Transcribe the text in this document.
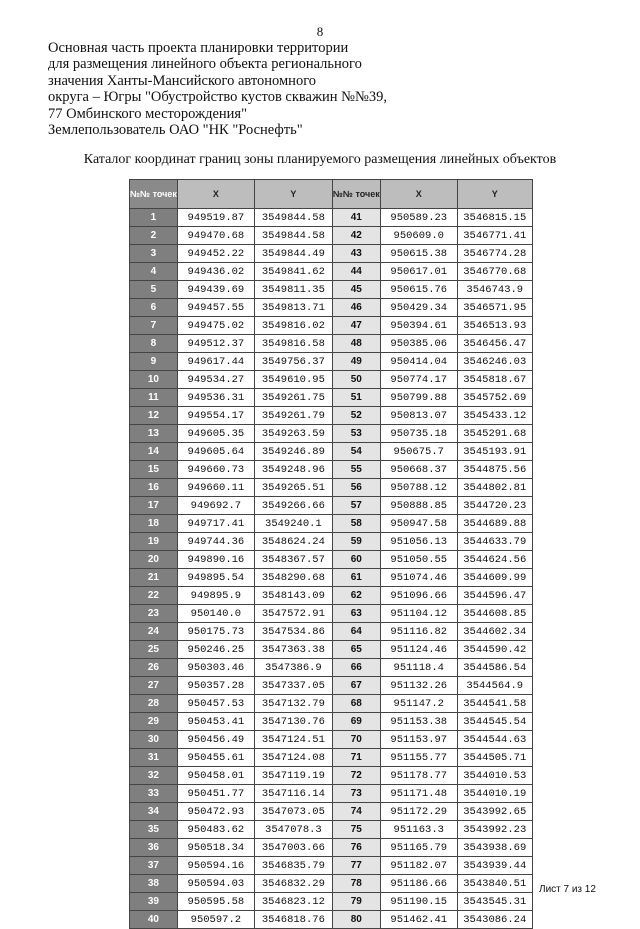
8
Основная часть проекта планировки территории
для размещения линейного объекта регионального
значения Ханты-Мансийского автономного
округа – Югры "Обустройство кустов скважин №№39,
77 Омбинского месторождения"
Землепользователь ОАО "НК "Роснефть"
Каталог координат границ зоны планируемого размещения линейных объектов
№№ точек	X	Y	№№ точек	X	Y
1	949519.87	3549844.58	41	950589.23	3546815.15
2	949470.68	3549844.58	42	950609.0	3546771.41
3	949452.22	3549844.49	43	950615.38	3546774.28
4	949436.02	3549841.62	44	950617.01	3546770.68
5	949439.69	3549811.35	45	950615.76	3546743.9
6	949457.55	3549813.71	46	950429.34	3546571.95
7	949475.02	3549816.02	47	950394.61	3546513.93
8	949512.37	3549816.58	48	950385.06	3546456.47
9	949617.44	3549756.37	49	950414.04	3546246.03
10	949534.27	3549610.95	50	950774.17	3545818.67
11	949536.31	3549261.75	51	950799.88	3545752.69
12	949554.17	3549261.79	52	950813.07	3545433.12
13	949605.35	3549263.59	53	950735.18	3545291.68
14	949605.64	3549246.89	54	950675.7	3545193.91
15	949660.73	3549248.96	55	950668.37	3544875.56
16	949660.11	3549265.51	56	950788.12	3544802.81
17	949692.7	3549266.66	57	950888.85	3544720.23
18	949717.41	3549240.1	58	950947.58	3544689.88
19	949744.36	3548624.24	59	951056.13	3544633.79
20	949890.16	3548367.57	60	951050.55	3544624.56
21	949895.54	3548290.68	61	951074.46	3544609.99
22	949895.9	3548143.09	62	951096.66	3544596.47
23	950140.0	3547572.91	63	951104.12	3544608.85
24	950175.73	3547534.86	64	951116.82	3544602.34
25	950246.25	3547363.38	65	951124.46	3544590.42
26	950303.46	3547386.9	66	951118.4	3544586.54
27	950357.28	3547337.05	67	951132.26	3544564.9
28	950457.53	3547132.79	68	951147.2	3544541.58
29	950453.41	3547130.76	69	951153.38	3544545.54
30	950456.49	3547124.51	70	951153.97	3544544.63
31	950455.61	3547124.08	71	951155.77	3544505.71
32	950458.01	3547119.19	72	951178.77	3544010.53
33	950451.77	3547116.14	73	951171.48	3544010.19
34	950472.93	3547073.05	74	951172.29	3543992.65
35	950483.62	3547078.3	75	951163.3	3543992.23
36	950518.34	3547003.66	76	951165.79	3543938.69
37	950594.16	3546835.79	77	951182.07	3543939.44
38	950594.03	3546832.29	78	951186.66	3543840.51
39	950595.58	3546823.12	79	951190.15	3543545.31
40	950597.2	3546818.76	80	951462.41	3543086.24
Лист 7 из 12
